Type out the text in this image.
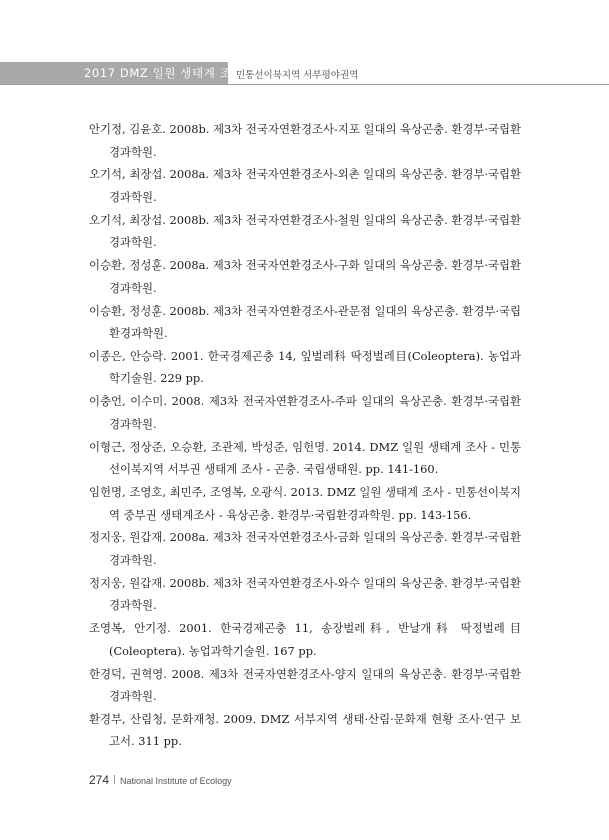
2017 DMZ 일원 생태계 조사
민통선이북지역 서부평야권역

안기정, 김윤호. 2008b. 제3차 전국자연환경조사-지포 일대의 육상곤충. 환경부·국립환경과학원.

오기석, 최장섭. 2008a. 제3차 전국자연환경조사-외촌 일대의 육상곤충. 환경부·국립환경과학원.

오기석, 최장섭. 2008b. 제3차 전국자연환경조사-철원 일대의 육상곤충. 환경부·국립환경과학원.

이승환, 정성훈. 2008a. 제3차 전국자연환경조사-구화 일대의 육상곤충. 환경부·국립환경과학원.

이승환, 정성훈. 2008b. 제3차 전국자연환경조사-관문점 일대의 육상곤충. 환경부·국립환경과학원.

이종은, 안승락. 2001. 한국경제곤충 14, 잎벌레科 딱정벌레目(Coleoptera). 농업과학기술원. 229 pp.

이충언, 이수미. 2008. 제3차 전국자연환경조사-주파 일대의 육상곤충. 환경부·국립환경과학원.

이형근, 정상준, 오승환, 조관제, 박성준, 임헌명. 2014. DMZ 일원 생태계 조사 - 민통선이북지역 서부권 생태계 조사 - 곤충. 국립생태원. pp. 141-160.

임헌명, 조영호, 최민주, 조영복, 오광식. 2013. DMZ 일원 생태계 조사 - 민통선이북지역 중부권 생태계조사 - 육상곤충. 환경부·국립환경과학원. pp. 143-156.

정지웅, 원갑재. 2008a. 제3차 전국자연환경조사-금화 일대의 육상곤충. 환경부·국립환경과학원.

정지웅, 원갑재. 2008b. 제3차 전국자연환경조사-와수 일대의 육상곤충. 환경부·국립환경과학원.

조영복, 안기정. 2001. 한국경제곤충 11, 송장벌레科, 반날개科 딱정벌레目(Coleoptera). 농업과학기술원. 167 pp.

한경덕, 권혁영. 2008. 제3차 전국자연환경조사-양지 일대의 육상곤충. 환경부·국립환경과학원.

환경부, 산림청, 문화재청. 2009. DMZ 서부지역 생태·산림·문화재 현황 조사·연구 보고서. 311 pp.

274 National Institute of Ecology
